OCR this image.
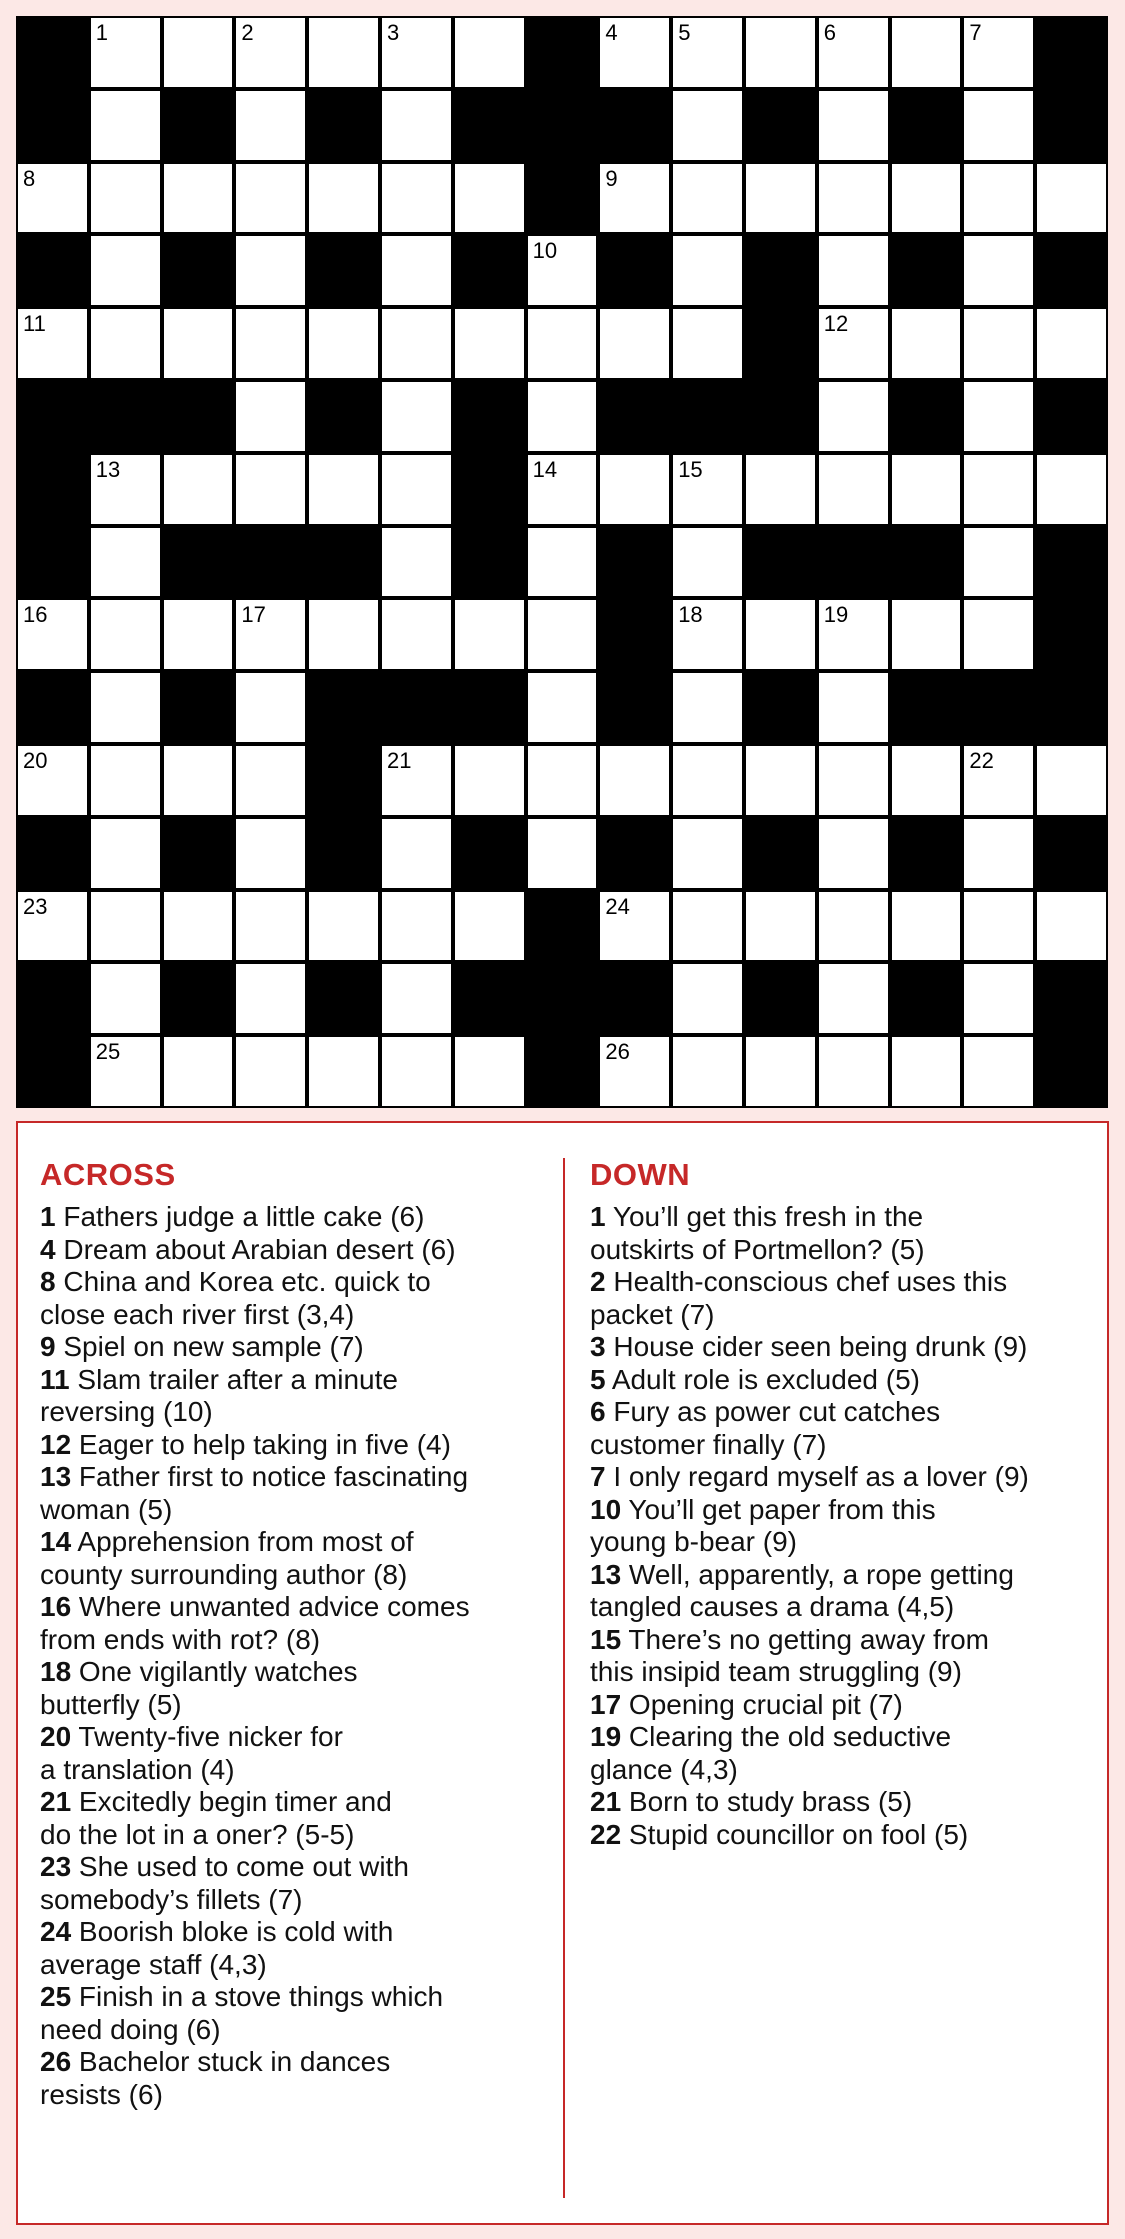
1	2	3	4	5	6	7
8	9
10
11	12
13	14	15
16	17	18	19
20	21	22
23	24
25	26
ACROSS
1 Fathers judge a little cake (6)
4 Dream about Arabian desert (6)
8 China and Korea etc. quick to
close each river first (3,4)
9 Spiel on new sample (7)
11 Slam trailer after a minute
reversing (10)
12 Eager to help taking in five (4)
13 Father first to notice fascinating
woman (5)
14 Apprehension from most of
county surrounding author (8)
16 Where unwanted advice comes
from ends with rot? (8)
18 One vigilantly watches
butterfly (5)
20 Twenty-five nicker for
a translation (4)
21 Excitedly begin timer and
do the lot in a oner? (5-5)
23 She used to come out with
somebody’s fillets (7)
24 Boorish bloke is cold with
average staff (4,3)
25 Finish in a stove things which
need doing (6)
26 Bachelor stuck in dances
resists (6)
DOWN
1 You’ll get this fresh in the
outskirts of Portmellon? (5)
2 Health-conscious chef uses this
packet (7)
3 House cider seen being drunk (9)
5 Adult role is excluded (5)
6 Fury as power cut catches
customer finally (7)
7 I only regard myself as a lover (9)
10 You’ll get paper from this
young b-bear (9)
13 Well, apparently, a rope getting
tangled causes a drama (4,5)
15 There’s no getting away from
this insipid team struggling (9)
17 Opening crucial pit (7)
19 Clearing the old seductive
glance (4,3)
21 Born to study brass (5)
22 Stupid councillor on fool (5)
